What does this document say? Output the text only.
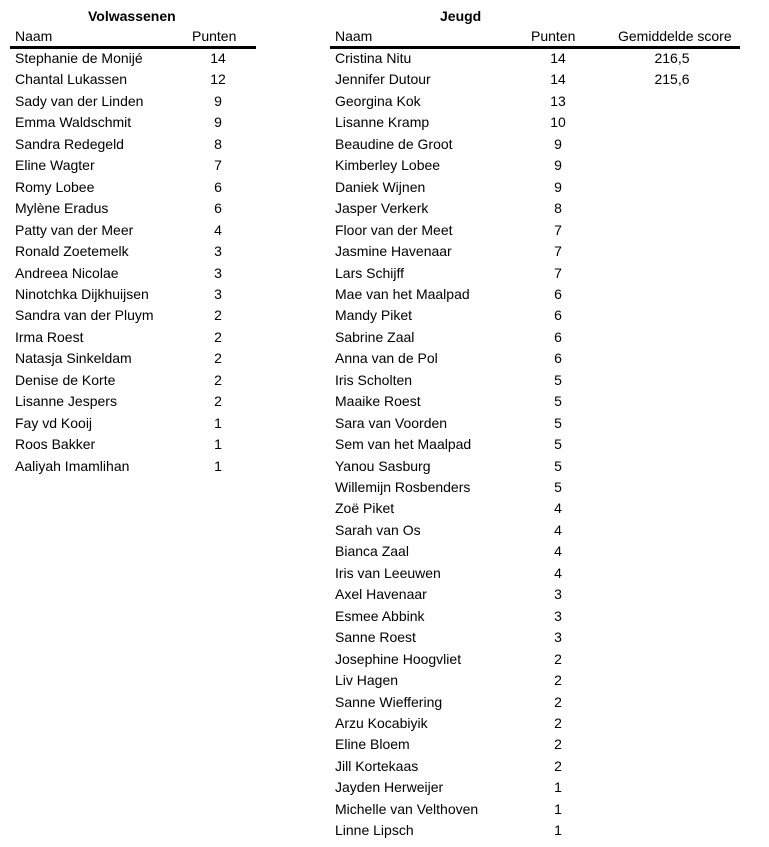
Volwassenen
Naam	Punten
Stephanie de Monijé	14
Chantal Lukassen	12
Sady van der Linden	9
Emma Waldschmit	9
Sandra Redegeld	8
Eline Wagter	7
Romy Lobee	6
Mylène Eradus	6
Patty van der Meer	4
Ronald Zoetemelk	3
Andreea Nicolae	3
Ninotchka Dijkhuijsen	3
Sandra van der Pluym	2
Irma Roest	2
Natasja Sinkeldam	2
Denise de Korte	2
Lisanne Jespers	2
Fay vd Kooij	1
Roos Bakker	1
Aaliyah Imamlihan	1
Jeugd
Naam	Punten	Gemiddelde score
Cristina Nitu	14	216,5
Jennifer Dutour	14	215,6
Georgina Kok	13
Lisanne Kramp	10
Beaudine de Groot	9
Kimberley Lobee	9
Daniek Wijnen	9
Jasper Verkerk	8
Floor van der Meet	7
Jasmine Havenaar	7
Lars Schijff	7
Mae van het Maalpad	6
Mandy Piket	6
Sabrine Zaal	6
Anna van de Pol	6
Iris Scholten	5
Maaike Roest	5
Sara van Voorden	5
Sem van het Maalpad	5
Yanou Sasburg	5
Willemijn Rosbenders	5
Zoë Piket	4
Sarah van Os	4
Bianca Zaal	4
Iris van Leeuwen	4
Axel Havenaar	3
Esmee Abbink	3
Sanne Roest	3
Josephine Hoogvliet	2
Liv Hagen	2
Sanne Wieffering	2
Arzu Kocabiyik	2
Eline Bloem	2
Jill Kortekaas	2
Jayden Herweijer	1
Michelle van Velthoven	1
Linne Lipsch	1
